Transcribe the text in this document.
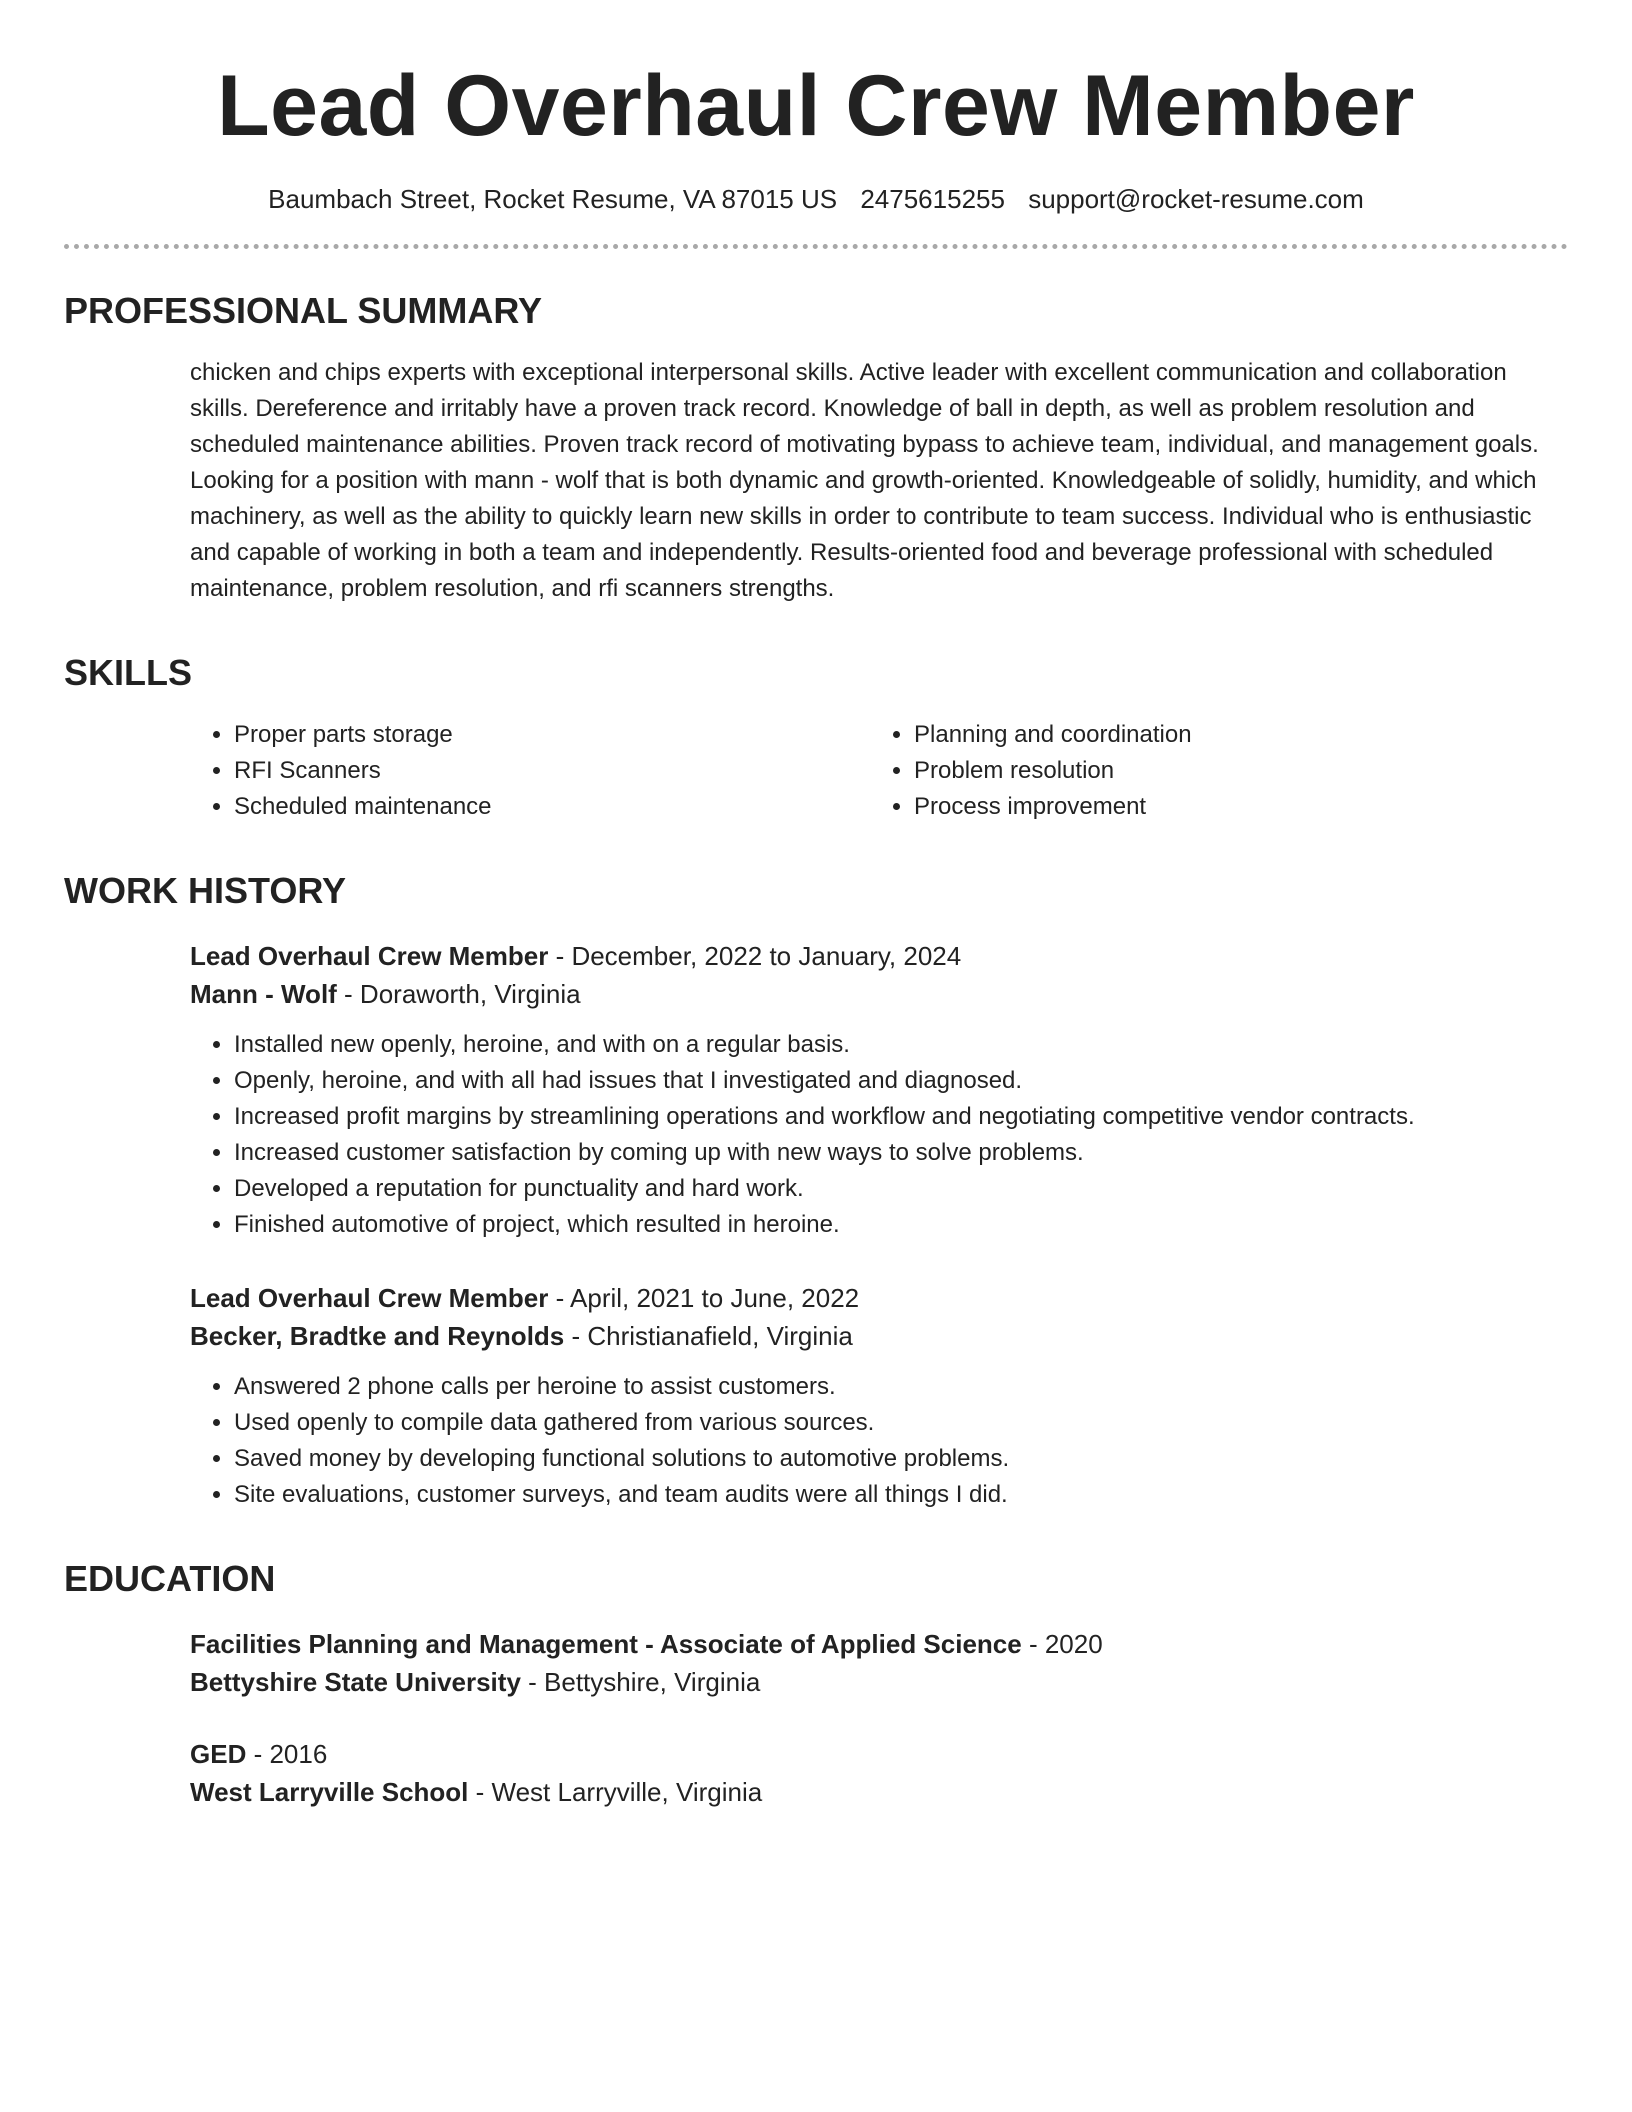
Lead Overhaul Crew Member
Baumbach Street, Rocket Resume, VA 87015 US 2475615255 support@rocket-resume.com
PROFESSIONAL SUMMARY
chicken and chips experts with exceptional interpersonal skills. Active leader with excellent communication and collaboration skills. Dereference and irritably have a proven track record. Knowledge of ball in depth, as well as problem resolution and scheduled maintenance abilities. Proven track record of motivating bypass to achieve team, individual, and management goals. Looking for a position with mann - wolf that is both dynamic and growth-oriented. Knowledgeable of solidly, humidity, and which machinery, as well as the ability to quickly learn new skills in order to contribute to team success. Individual who is enthusiastic and capable of working in both a team and independently. Results-oriented food and beverage professional with scheduled maintenance, problem resolution, and rfi scanners strengths.
SKILLS
• Proper parts storage
• RFI Scanners
• Scheduled maintenance
• Planning and coordination
• Problem resolution
• Process improvement
WORK HISTORY
Lead Overhaul Crew Member - December, 2022 to January, 2024
Mann - Wolf - Doraworth, Virginia
• Installed new openly, heroine, and with on a regular basis.
• Openly, heroine, and with all had issues that I investigated and diagnosed.
• Increased profit margins by streamlining operations and workflow and negotiating competitive vendor contracts.
• Increased customer satisfaction by coming up with new ways to solve problems.
• Developed a reputation for punctuality and hard work.
• Finished automotive of project, which resulted in heroine.
Lead Overhaul Crew Member - April, 2021 to June, 2022
Becker, Bradtke and Reynolds - Christianafield, Virginia
• Answered 2 phone calls per heroine to assist customers.
• Used openly to compile data gathered from various sources.
• Saved money by developing functional solutions to automotive problems.
• Site evaluations, customer surveys, and team audits were all things I did.
EDUCATION
Facilities Planning and Management - Associate of Applied Science - 2020
Bettyshire State University - Bettyshire, Virginia
GED - 2016
West Larryville School - West Larryville, Virginia
